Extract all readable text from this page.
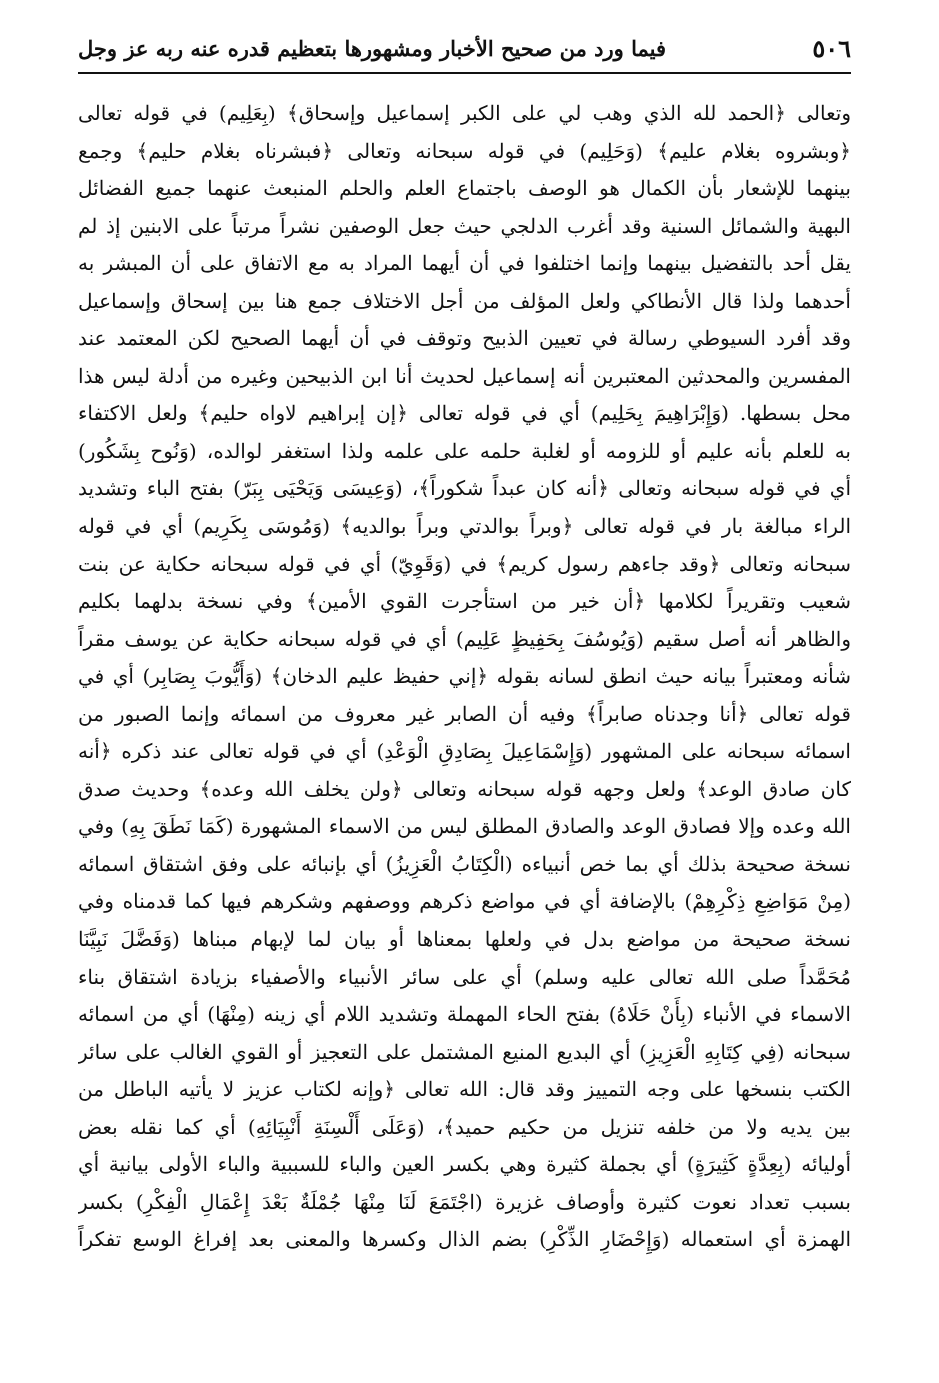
٥٠٦
فيما ورد من صحيح الأخبار ومشهورها بتعظيم قدره عنه ربه عز وجل
وتعالى ﴿الحمد لله الذي وهب لي على الكبر إسماعيل وإسحاق﴾ (بِعَلِيم) في قوله تعالى
﴿وبشروه بغلام عليم﴾ (وَحَلِيم) في قوله سبحانه وتعالى ﴿فبشرناه بغلام حليم﴾ وجمع
بينهما للإشعار بأن الكمال هو الوصف باجتماع العلم والحلم المنبعث عنهما جميع الفضائل
البهية والشمائل السنية وقد أغرب الدلجي حيث جعل الوصفين نشراً مرتباً على الابنين إذ لم
يقل أحد بالتفضيل بينهما وإنما اختلفوا في أن أيهما المراد به مع الاتفاق على أن المبشر به
أحدهما ولذا قال الأنطاكي ولعل المؤلف من أجل الاختلاف جمع هنا بين إسحاق وإسماعيل
وقد أفرد السيوطي رسالة في تعيين الذبيح وتوقف في أن أيهما الصحيح لكن المعتمد عند
المفسرين والمحدثين المعتبرين أنه إسماعيل لحديث أنا ابن الذبيحين وغيره من أدلة ليس هذا
محل بسطها. (وَإِبْرَاهِيمَ بِحَلِيم) أي في قوله تعالى ﴿إن إبراهيم لاواه حليم﴾ ولعل الاكتفاء
به للعلم بأنه عليم أو للزومه أو لغلبة حلمه على علمه ولذا استغفر لوالده، (وَنُوح بِشَكُور)
أي في قوله سبحانه وتعالى ﴿أنه كان عبداً شكوراً﴾، (وَعِيسَى وَيَحْيَى بِبَرّ) بفتح الباء وتشديد
الراء مبالغة بار في قوله تعالى ﴿وبراً بوالدتي وبراً بوالديه﴾ (وَمُوسَى بِكَرِيم) أي في قوله
سبحانه وتعالى ﴿وقد جاءهم رسول كريم﴾ في (وَقَوِيّ) أي في قوله سبحانه حكاية عن بنت
شعيب وتقريراً لكلامها ﴿أن خير من استأجرت القوي الأمين﴾ وفي نسخة بدلهما بكليم
والظاهر أنه أصل سقيم (وَيُوسُفَ بِحَفِيظٍ عَلِيم) أي في قوله سبحانه حكاية عن يوسف مقراً
شأنه ومعتبراً بيانه حيث انطق لسانه بقوله ﴿إني حفيظ عليم الدخان﴾ (وَأَيُّوبَ بِصَابِر) أي في
قوله تعالى ﴿أنا وجدناه صابراً﴾ وفيه أن الصابر غير معروف من اسمائه وإنما الصبور من
اسمائه سبحانه على المشهور (وَإِسْمَاعِيلَ بِصَادِقِ الْوَعْدِ) أي في قوله تعالى عند ذكره ﴿أنه
كان صادق الوعد﴾ ولعل وجهه قوله سبحانه وتعالى ﴿ولن يخلف الله وعده﴾ وحديث صدق
الله وعده وإلا فصادق الوعد والصادق المطلق ليس من الاسماء المشهورة (كَمَا نَطَقَ بِهِ) وفي
نسخة صحيحة بذلك أي بما خص أنبياءه (الْكِتَابُ الْعَزِيزُ) أي بإنبائه على وفق اشتقاق اسمائه
(مِنْ مَوَاضِعِ ذِكْرِهِمْ) بالإضافة أي في مواضع ذكرهم ووصفهم وشكرهم فيها كما قدمناه وفي
نسخة صحيحة من مواضع بدل في ولعلها بمعناها أو بيان لما لإبهام مبناها (وَفَضَّلَ نَبِيَّنَا
مُحَمَّداً صلى الله تعالى عليه وسلم) أي على سائر الأنبياء والأصفياء بزيادة اشتقاق بناء
الاسماء في الأنباء (بِأَنْ حَلَاهُ) بفتح الحاء المهملة وتشديد اللام أي زينه (مِنْهَا) أي من اسمائه
سبحانه (فِي كِتَابِهِ الْعَزِيزِ) أي البديع المنيع المشتمل على التعجيز أو القوي الغالب على سائر
الكتب بنسخها على وجه التمييز وقد قال: الله تعالى ﴿وإنه لكتاب عزيز لا يأتيه الباطل من
بين يديه ولا من خلفه تنزيل من حكيم حميد﴾، (وَعَلَى أَلْسِنَةِ أَنْبِيَائِهِ) أي كما نقله بعض
أوليائه (بِعِدَّةٍ كَثِيرَةٍ) أي بجملة كثيرة وهي بكسر العين والباء للسببية والباء الأولى بيانية أي
بسبب تعداد نعوت كثيرة وأوصاف غزيرة (اجْتَمَعَ لَنَا مِنْهَا جُمْلَةٌ بَعْدَ إِعْمَالِ الْفِكْرِ) بكسر
الهمزة أي استعماله (وَإِحْضَارِ الذِّكْرِ) بضم الذال وكسرها والمعنى بعد إفراغ الوسع تفكراً
